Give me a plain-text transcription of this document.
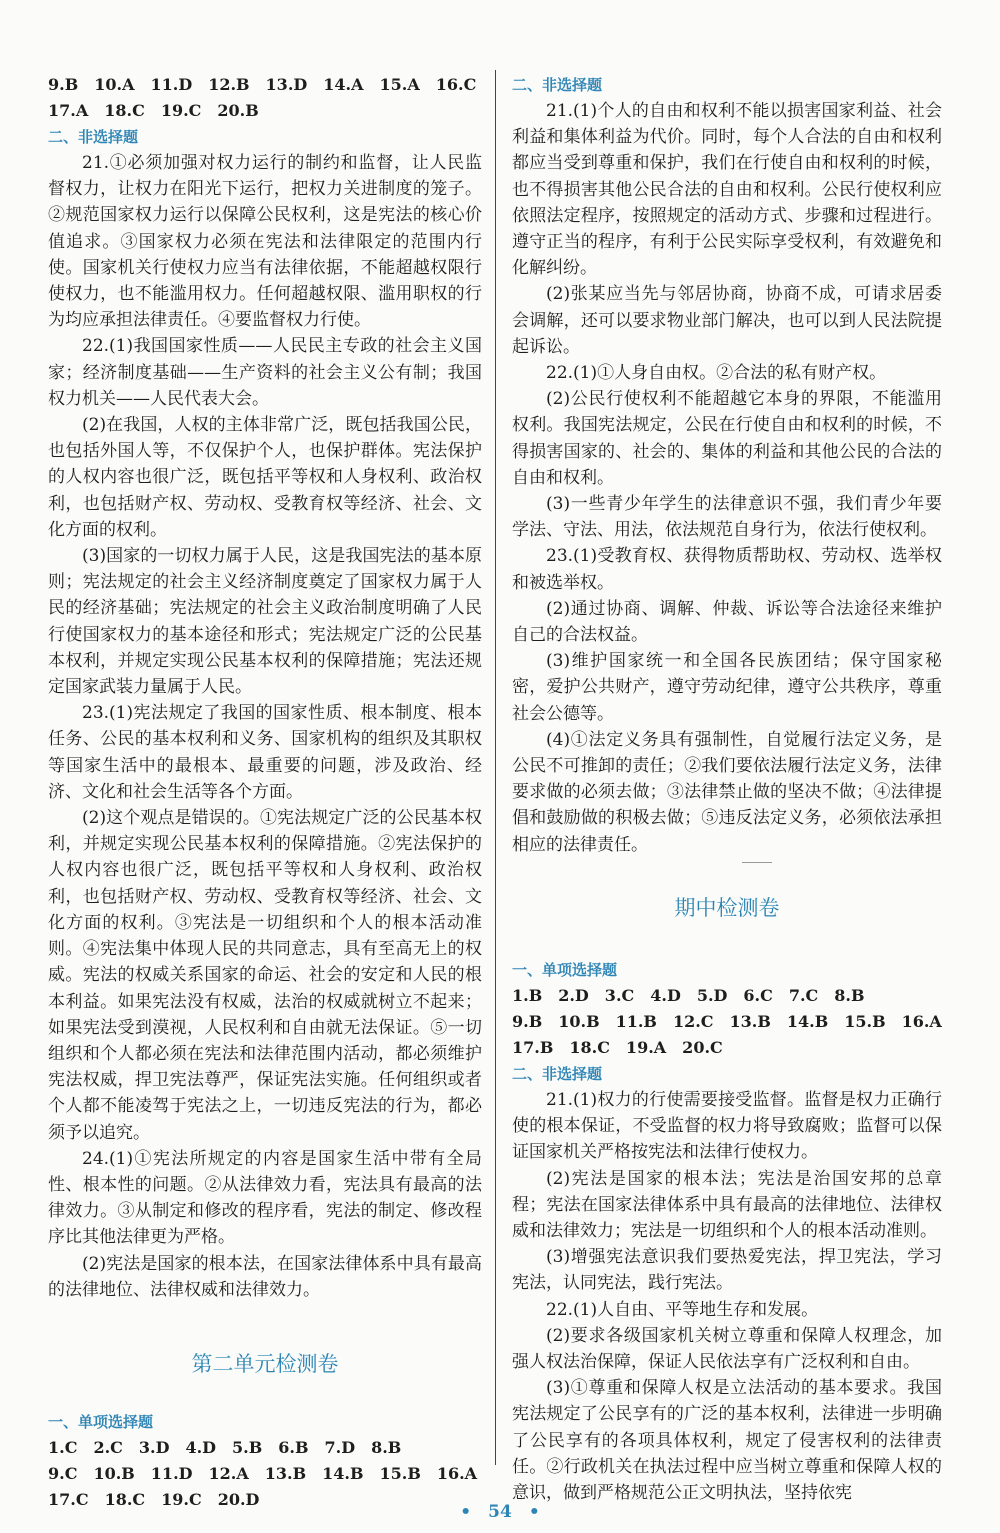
9.B　10.A　11.D　12.B　13.D　14.A　15.A　16.C

17.A　18.C　19.C　20.B

二、非选择题

21.①必须加强对权力运行的制约和监督，让人民监督权力，让权力在阳光下运行，把权力关进制度的笼子。②规范国家权力运行以保障公民权利，这是宪法的核心价值追求。③国家权力必须在宪法和法律限定的范围内行使。国家机关行使权力应当有法律依据，不能超越权限行使权力，也不能滥用权力。任何超越权限、滥用职权的行为均应承担法律责任。④要监督权力行使。

22.(1)我国国家性质——人民民主专政的社会主义国家；经济制度基础——生产资料的社会主义公有制；我国权力机关——人民代表大会。

(2)在我国，人权的主体非常广泛，既包括我国公民，也包括外国人等，不仅保护个人，也保护群体。宪法保护的人权内容也很广泛，既包括平等权和人身权利、政治权利，也包括财产权、劳动权、受教育权等经济、社会、文化方面的权利。

(3)国家的一切权力属于人民，这是我国宪法的基本原则；宪法规定的社会主义经济制度奠定了国家权力属于人民的经济基础；宪法规定的社会主义政治制度明确了人民行使国家权力的基本途径和形式；宪法规定广泛的公民基本权利，并规定实现公民基本权利的保障措施；宪法还规定国家武装力量属于人民。

23.(1)宪法规定了我国的国家性质、根本制度、根本任务、公民的基本权利和义务、国家机构的组织及其职权等国家生活中的最根本、最重要的问题，涉及政治、经济、文化和社会生活等各个方面。

(2)这个观点是错误的。①宪法规定广泛的公民基本权利，并规定实现公民基本权利的保障措施。②宪法保护的人权内容也很广泛，既包括平等权和人身权利、政治权利，也包括财产权、劳动权、受教育权等经济、社会、文化方面的权利。③宪法是一切组织和个人的根本活动准则。④宪法集中体现人民的共同意志，具有至高无上的权威。宪法的权威关系国家的命运、社会的安定和人民的根本利益。如果宪法没有权威，法治的权威就树立不起来；如果宪法受到漠视，人民权利和自由就无法保证。⑤一切组织和个人都必须在宪法和法律范围内活动，都必须维护宪法权威，捍卫宪法尊严，保证宪法实施。任何组织或者个人都不能凌驾于宪法之上，一切违反宪法的行为，都必须予以追究。

24.(1)①宪法所规定的内容是国家生活中带有全局性、根本性的问题。②从法律效力看，宪法具有最高的法律效力。③从制定和修改的程序看，宪法的制定、修改程序比其他法律更为严格。

(2)宪法是国家的根本法，在国家法律体系中具有最高的法律地位、法律权威和法律效力。

第二单元检测卷

一、单项选择题

1.C　2.C　3.D　4.D　5.B　6.B　7.D　8.B

9.C　10.B　11.D　12.A　13.B　14.B　15.B　16.A

17.C　18.C　19.C　20.D

二、非选择题

21.(1)个人的自由和权利不能以损害国家利益、社会利益和集体利益为代价。同时，每个人合法的自由和权利都应当受到尊重和保护，我们在行使自由和权利的时候，也不得损害其他公民合法的自由和权利。公民行使权利应依照法定程序，按照规定的活动方式、步骤和过程进行。遵守正当的程序，有利于公民实际享受权利，有效避免和化解纠纷。

(2)张某应当先与邻居协商，协商不成，可请求居委会调解，还可以要求物业部门解决，也可以到人民法院提起诉讼。

22.(1)①人身自由权。②合法的私有财产权。

(2)公民行使权利不能超越它本身的界限，不能滥用权利。我国宪法规定，公民在行使自由和权利的时候，不得损害国家的、社会的、集体的利益和其他公民的合法的自由和权利。

(3)一些青少年学生的法律意识不强，我们青少年要学法、守法、用法，依法规范自身行为，依法行使权利。

23.(1)受教育权、获得物质帮助权、劳动权、选举权和被选举权。

(2)通过协商、调解、仲裁、诉讼等合法途径来维护自己的合法权益。

(3)维护国家统一和全国各民族团结；保守国家秘密，爱护公共财产，遵守劳动纪律，遵守公共秩序，尊重社会公德等。

(4)①法定义务具有强制性，自觉履行法定义务，是公民不可推卸的责任；②我们要依法履行法定义务，法律要求做的必须去做；③法律禁止做的坚决不做；④法律提倡和鼓励做的积极去做；⑤违反法定义务，必须依法承担相应的法律责任。

期中检测卷

一、单项选择题

1.B　2.D　3.C　4.D　5.D　6.C　7.C　8.B

9.B　10.B　11.B　12.C　13.B　14.B　15.B　16.A

17.B　18.C　19.A　20.C

二、非选择题

21.(1)权力的行使需要接受监督。监督是权力正确行使的根本保证，不受监督的权力将导致腐败；监督可以保证国家机关严格按宪法和法律行使权力。

(2)宪法是国家的根本法；宪法是治国安邦的总章程；宪法在国家法律体系中具有最高的法律地位、法律权威和法律效力；宪法是一切组织和个人的根本活动准则。

(3)增强宪法意识我们要热爱宪法，捍卫宪法，学习宪法，认同宪法，践行宪法。

22.(1)人自由、平等地生存和发展。

(2)要求各级国家机关树立尊重和保障人权理念，加强人权法治保障，保证人民依法享有广泛权利和自由。

(3)①尊重和保障人权是立法活动的基本要求。我国宪法规定了公民享有的广泛的基本权利，法律进一步明确了公民享有的各项具体权利，规定了侵害权利的法律责任。②行政机关在执法过程中应当树立尊重和保障人权的意识，做到严格规范公正文明执法，坚持依宪

•　54　•
